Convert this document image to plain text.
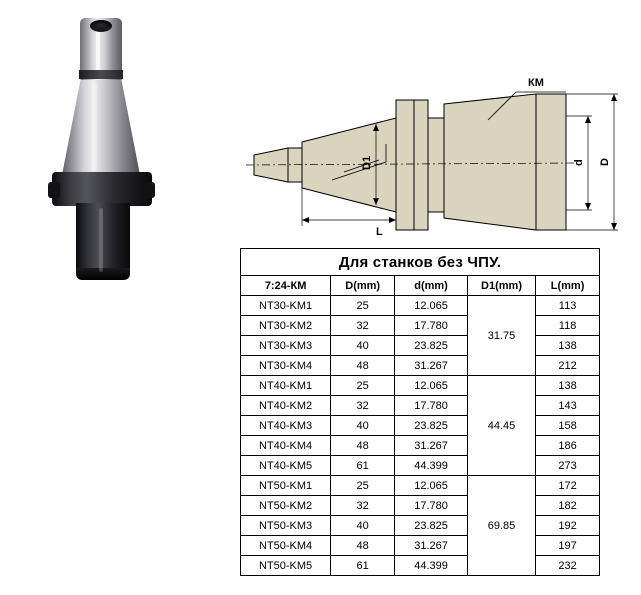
КМ
D1
L
d D
Для станков без ЧПУ.				
7:24-КМ	D(mm)	d(mm)	D1(mm)	L(mm)
NT30-KM1	25	12.065	31.75	113
NT30-KM2	32	17.780		118
NT30-KM3	40	23.825		138
NT30-KM4	48	31.267		212
NT40-KM1	25	12.065	44.45	138
NT40-KM2	32	17.780		143
NT40-KM3	40	23.825		158
NT40-KM4	48	31.267		186
NT40-KM5	61	44.399		273
NT50-KM1	25	12.065	69.85	172
NT50-KM2	32	17.780		182
NT50-KM3	40	23.825		192
NT50-KM4	48	31.267		197
NT50-KM5	61	44.399		232
